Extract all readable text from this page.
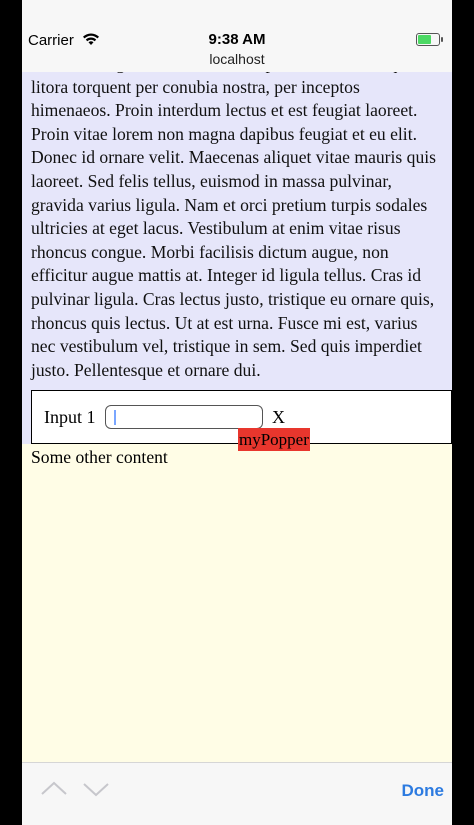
Carrier	9:38 AM
localhost

litora torquent per conubia nostra, per inceptos himenaeos. Proin interdum lectus et est feugiat laoreet. Proin vitae lorem non magna dapibus feugiat et eu elit. Donec id ornare velit. Maecenas aliquet vitae mauris quis laoreet. Sed felis tellus, euismod in massa pulvinar, gravida varius ligula. Nam et orci pretium turpis sodales ultricies at eget lacus. Vestibulum at enim vitae risus rhoncus congue. Morbi facilisis dictum augue, non efficitur augue mattis at. Integer id ligula tellus. Cras id pulvinar ligula. Cras lectus justo, tristique eu ornare quis, rhoncus quis lectus. Ut at est urna. Fusce mi est, varius nec vestibulum vel, tristique in sem. Sed quis imperdiet justo. Pellentesque et ornare dui.

Some other content
Input 1	X
myPopper
Done
